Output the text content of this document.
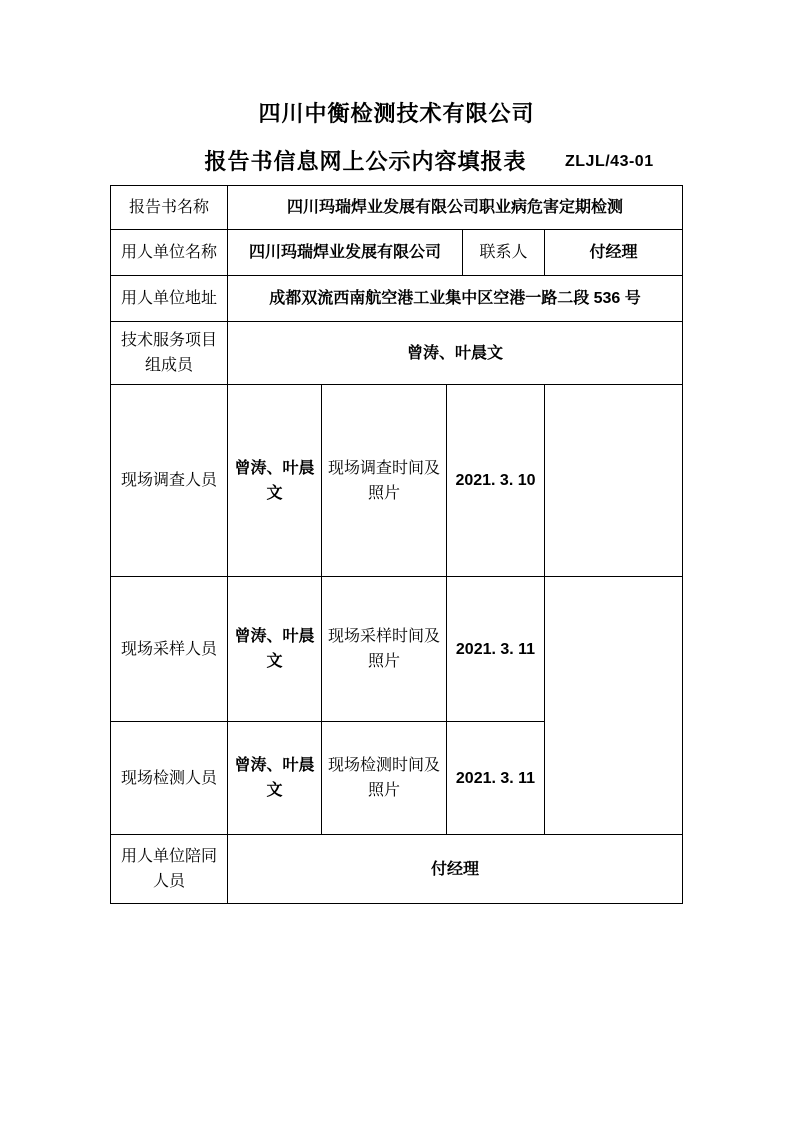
四川中衡检测技术有限公司
报告书信息网上公示内容填报表 ZLJL/43-01
报告书名称	四川玛瑞焊业发展有限公司职业病危害定期检测				
用人单位名称	四川玛瑞焊业发展有限公司			联系人	付经理
用人单位地址	成都双流西南航空港工业集中区空港一路二段 536 号				
技术服务项目组成员	曾涛、叶晨文				
现场调查人员	曾涛、叶晨文	现场调查时间及照片	2021. 3. 10		
现场采样人员	曾涛、叶晨文	现场采样时间及照片	2021. 3. 11		
现场检测人员	曾涛、叶晨文	现场检测时间及照片	2021. 3. 11		
用人单位陪同人员	付经理				
